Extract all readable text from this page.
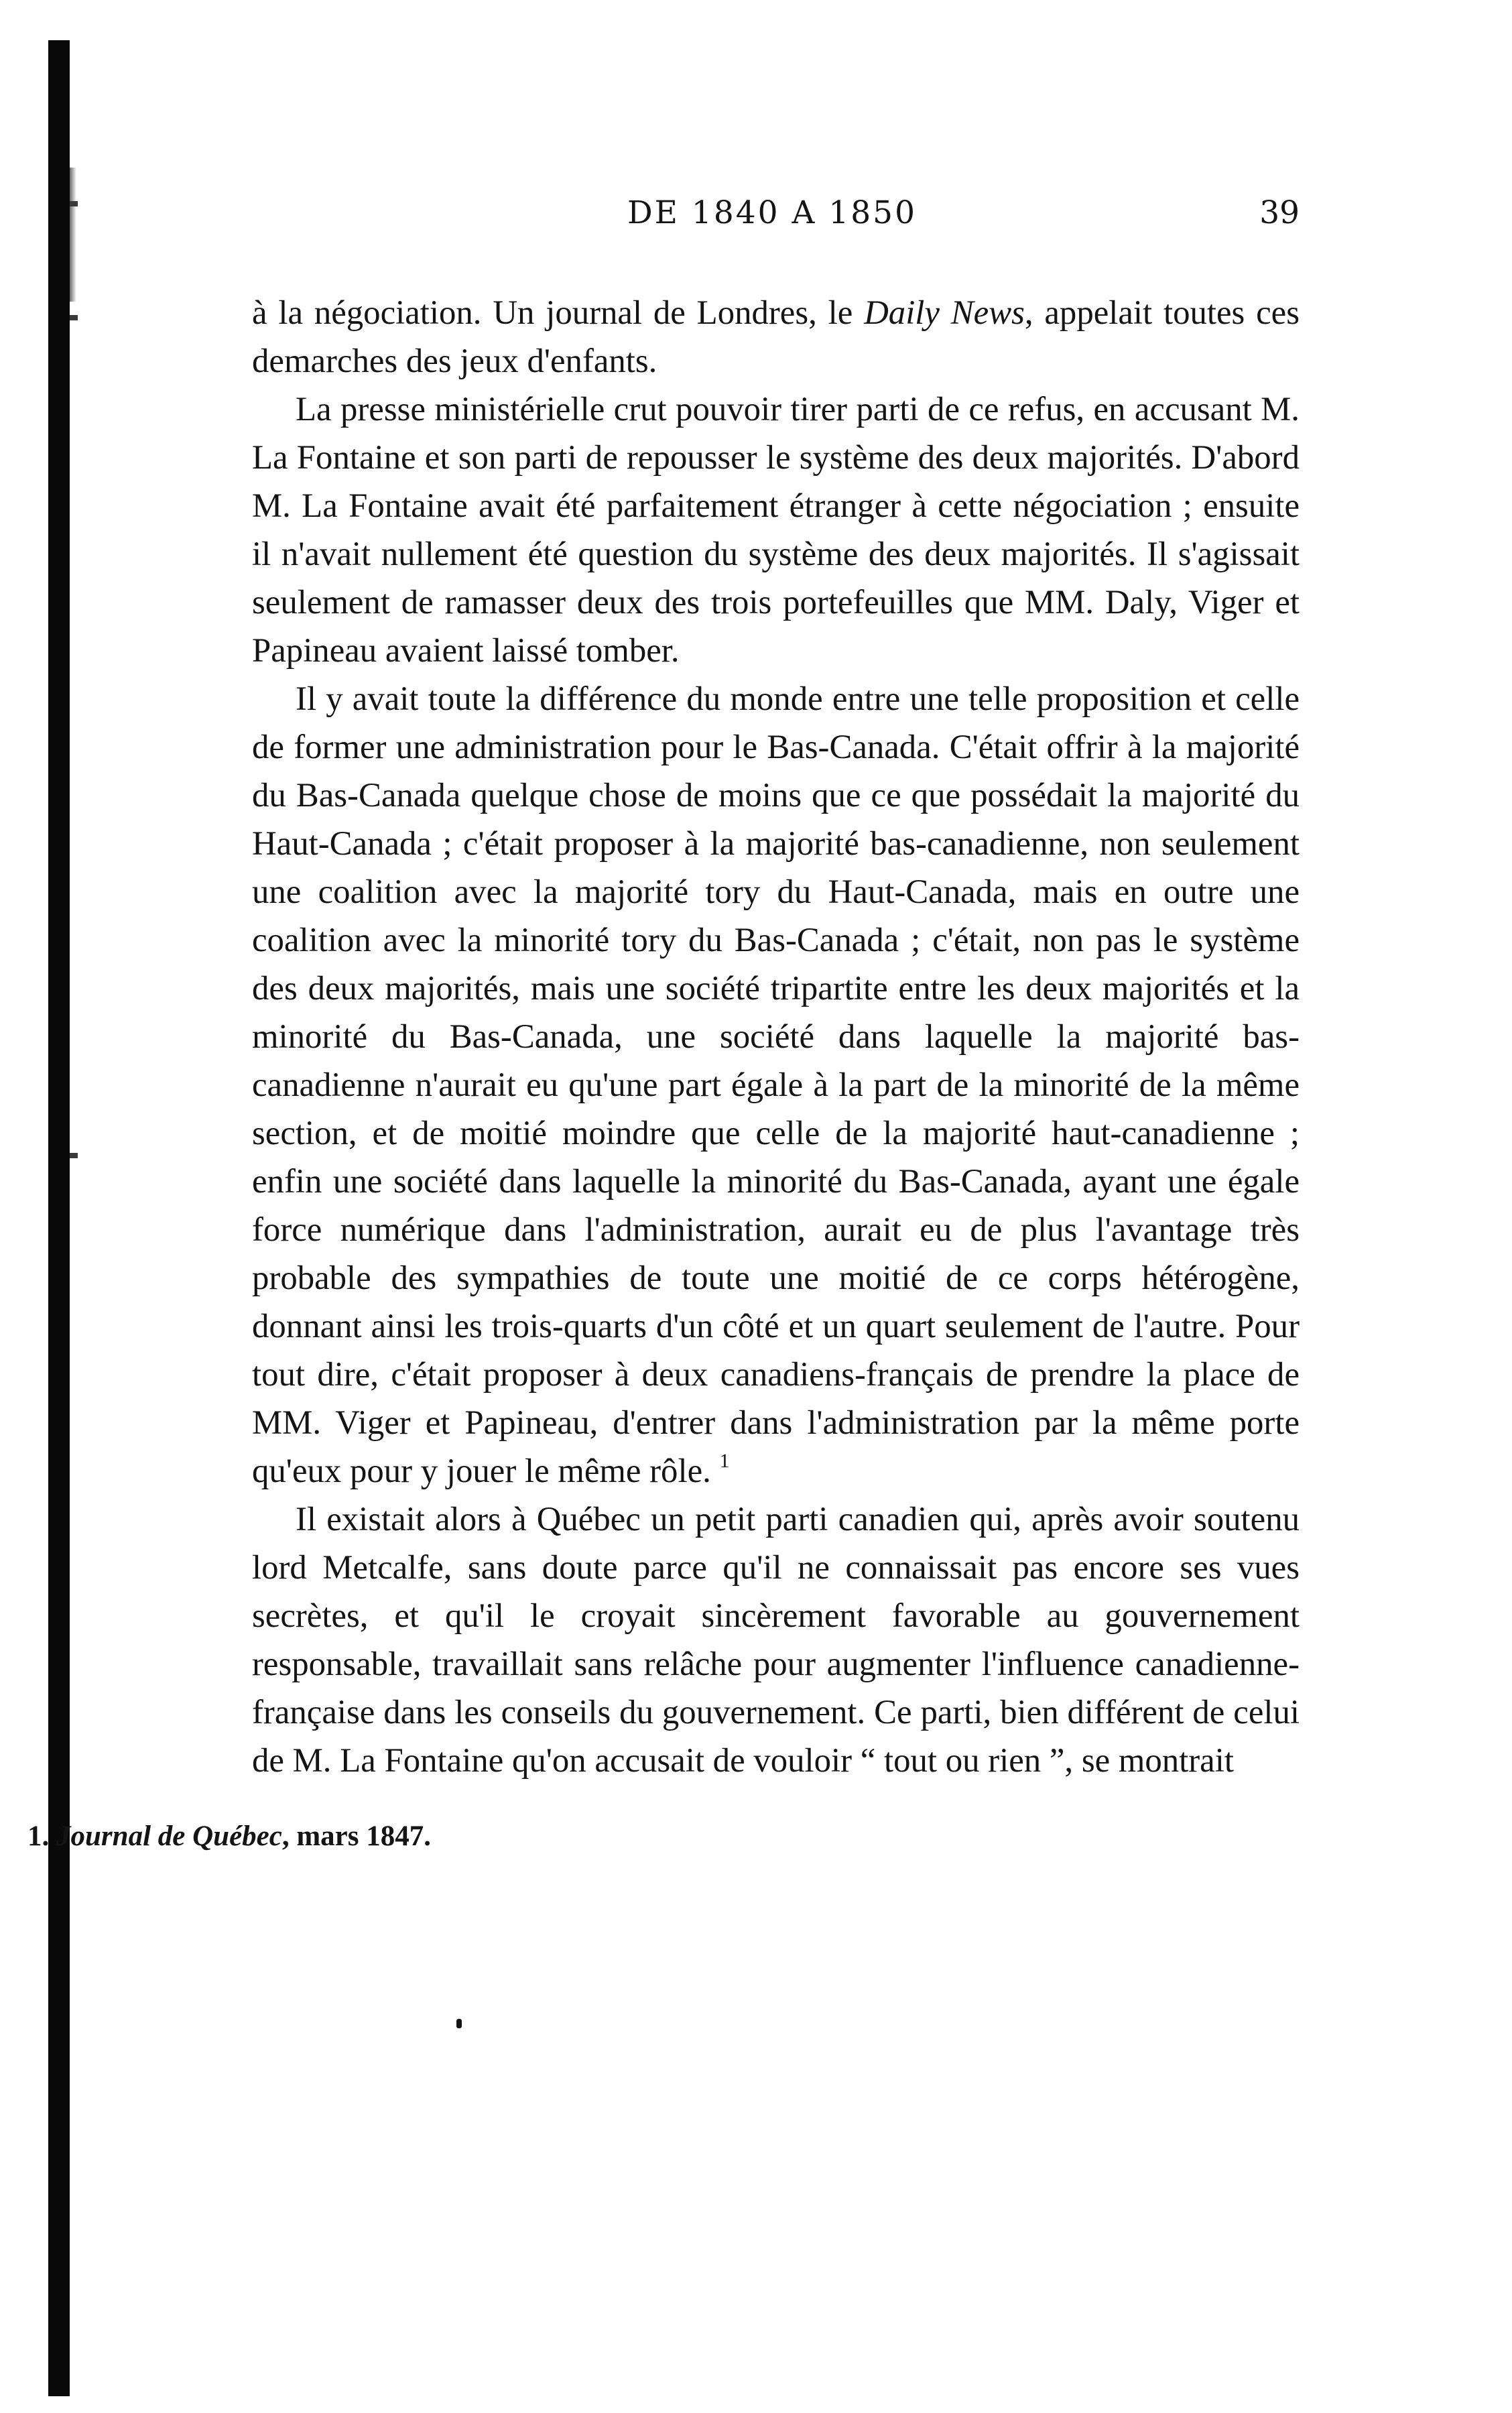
DE 1840 A 1850	39

à la négociation. Un journal de Londres, le Daily News, appelait toutes ces demarches des jeux d'enfants.

La presse ministérielle crut pouvoir tirer parti de ce refus, en accusant M. La Fontaine et son parti de repousser le système des deux majorités. D'abord M. La Fontaine avait été parfaitement étranger à cette négociation ; ensuite il n'avait nullement été question du système des deux majorités. Il s'agissait seulement de ramasser deux des trois portefeuilles que MM. Daly, Viger et Papineau avaient laissé tomber.

Il y avait toute la différence du monde entre une telle proposition et celle de former une administration pour le Bas-Canada. C'était offrir à la majorité du Bas-Canada quelque chose de moins que ce que possédait la majorité du Haut-Canada ; c'était proposer à la majorité bas-canadienne, non seulement une coalition avec la majorité tory du Haut-Canada, mais en outre une coalition avec la minorité tory du Bas-Canada ; c'était, non pas le système des deux majorités, mais une société tripartite entre les deux majorités et la minorité du Bas-Canada, une société dans laquelle la majorité bas-canadienne n'aurait eu qu'une part égale à la part de la minorité de la même section, et de moitié moindre que celle de la majorité haut-canadienne ; enfin une société dans laquelle la minorité du Bas-Canada, ayant une égale force numérique dans l'administration, aurait eu de plus l'avantage très probable des sympathies de toute une moitié de ce corps hétérogène, donnant ainsi les trois-quarts d'un côté et un quart seulement de l'autre. Pour tout dire, c'était proposer à deux canadiens-français de prendre la place de MM. Viger et Papineau, d'entrer dans l'administration par la même porte qu'eux pour y jouer le même rôle. $^1$

Il existait alors à Québec un petit parti canadien qui, après avoir soutenu lord Metcalfe, sans doute parce qu'il ne connaissait pas encore ses vues secrètes, et qu'il le croyait sincèrement favorable au gouvernement responsable, travaillait sans relâche pour augmenter l'influence canadienne-française dans les conseils du gouvernement. Ce parti, bien différent de celui de M. La Fontaine qu'on accusait de vouloir “ tout ou rien ”, se montrait

1. Journal de Québec, mars 1847.
